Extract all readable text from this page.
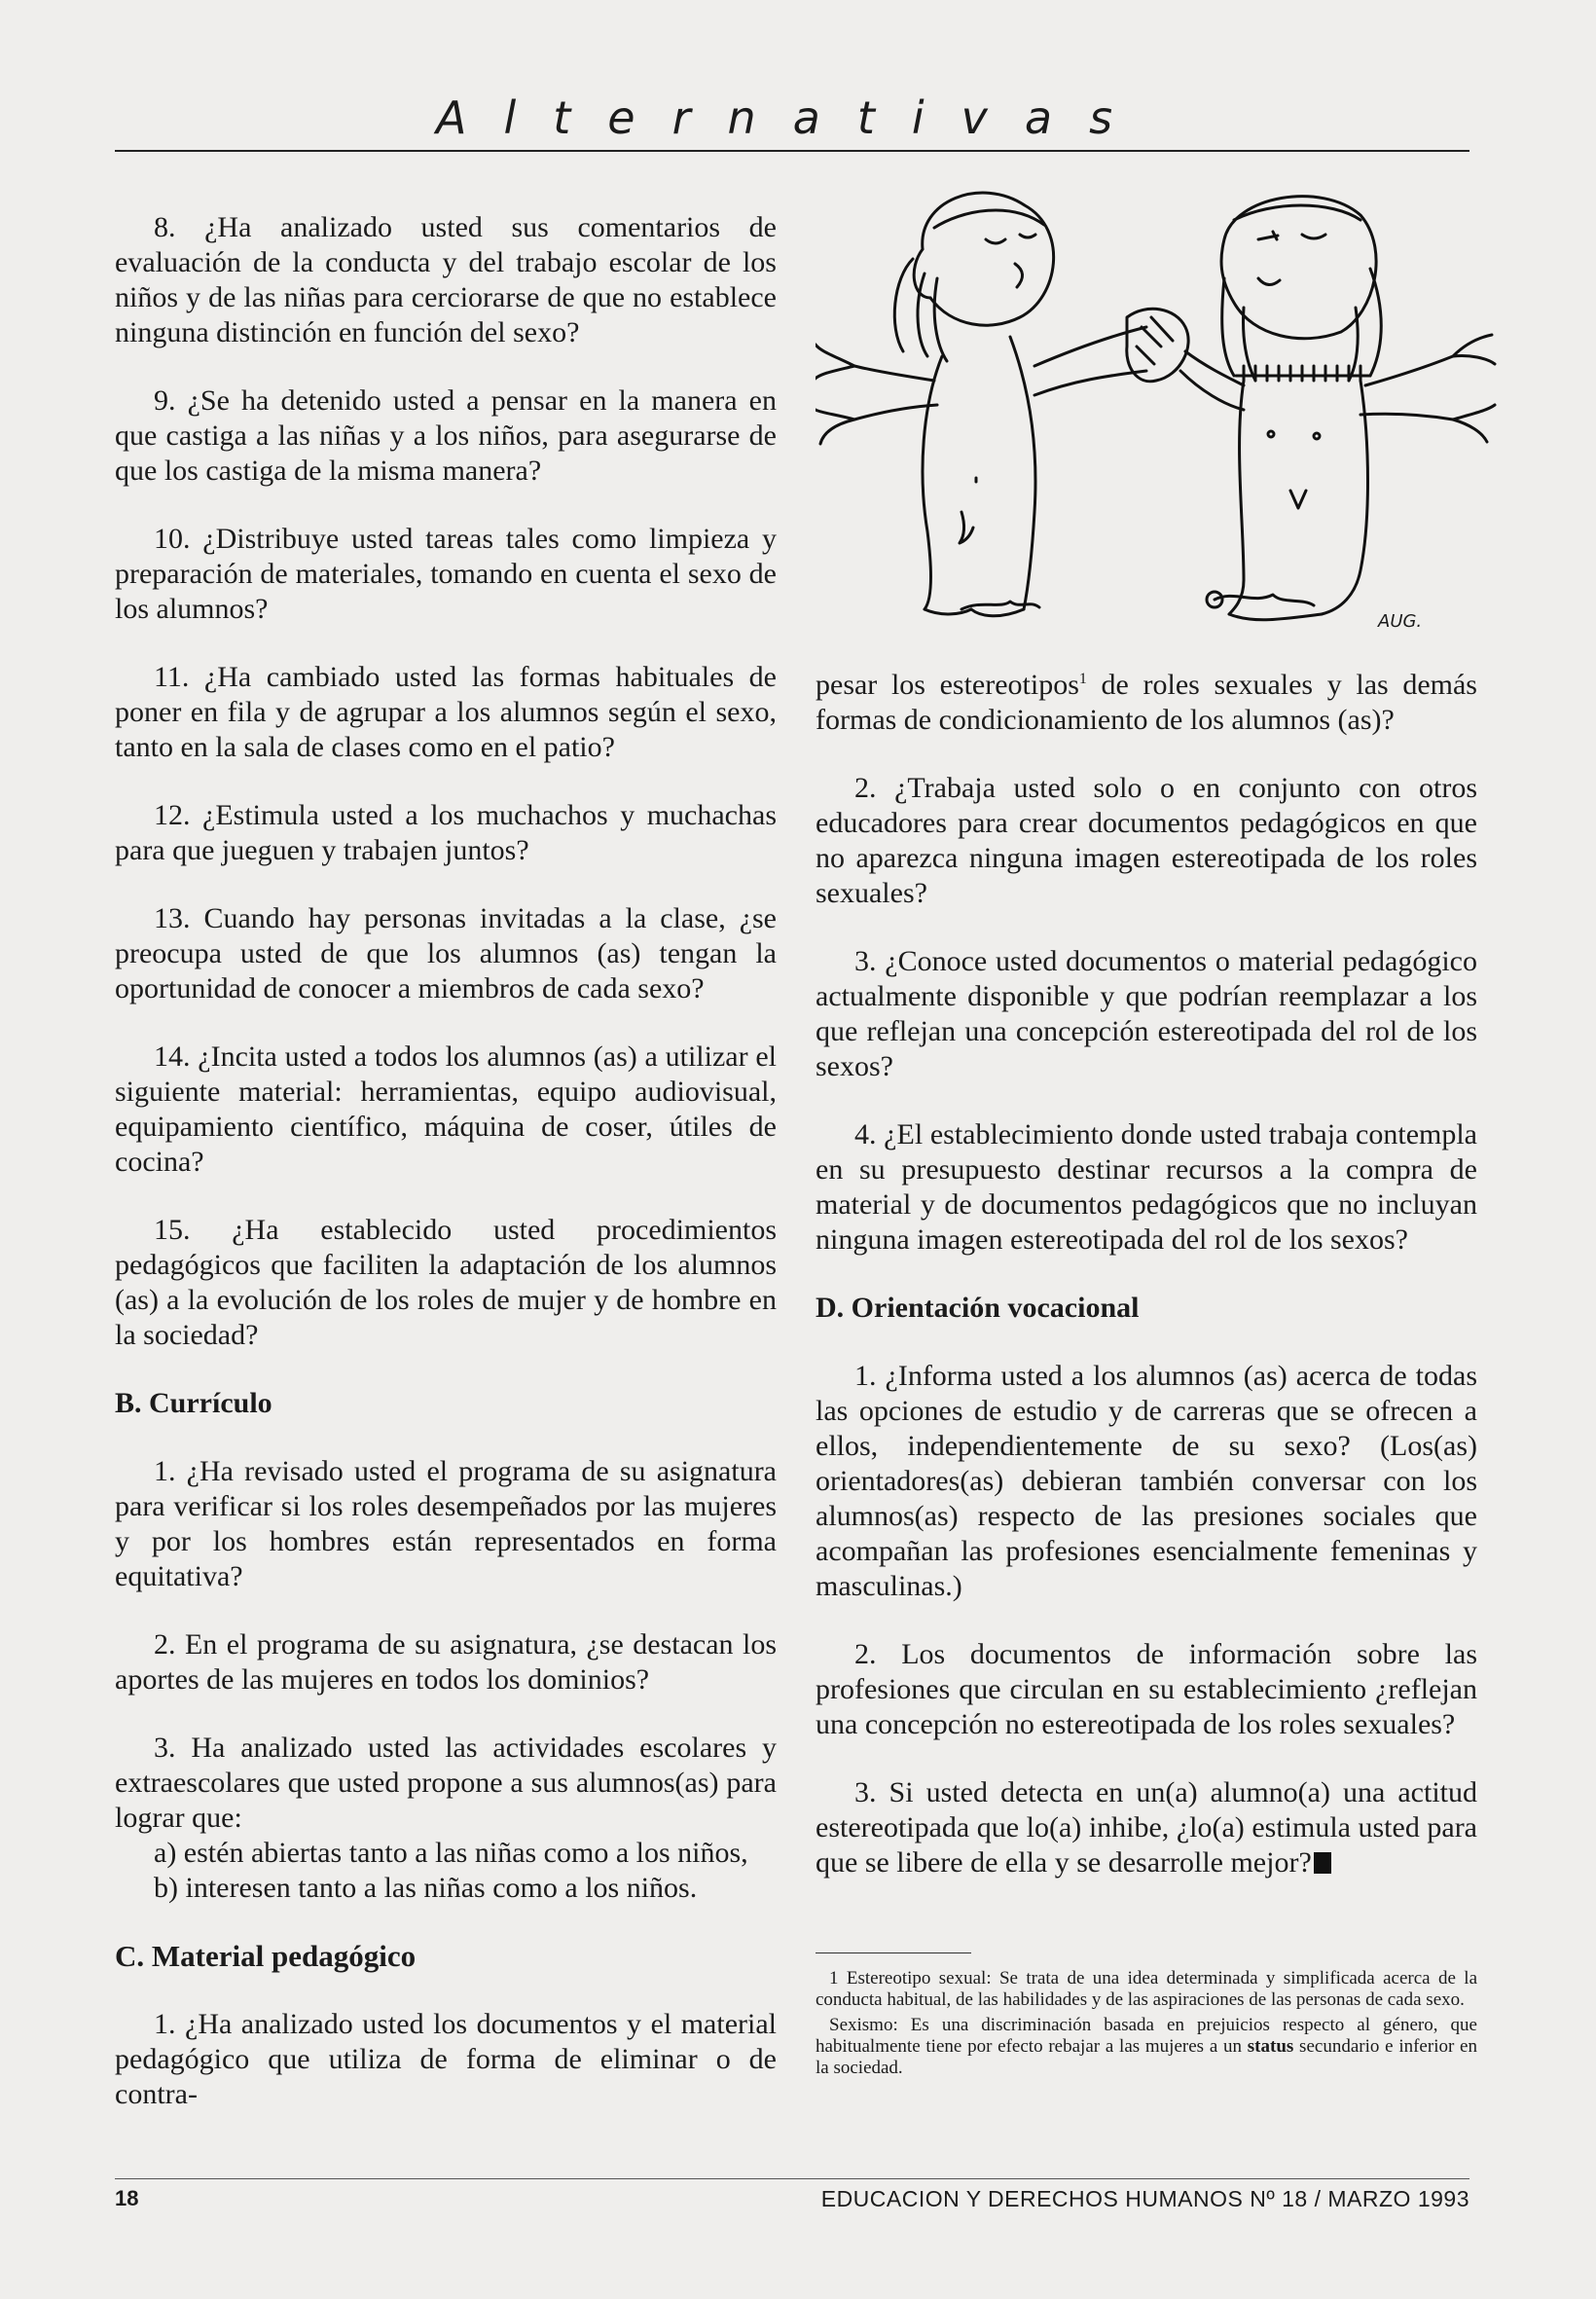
Alternativas

8. ¿Ha analizado usted sus comentarios de evaluación de la conducta y del trabajo escolar de los niños y de las niñas para cerciorarse de que no establece ninguna distinción en función del sexo?

9. ¿Se ha detenido usted a pensar en la manera en que castiga a las niñas y a los niños, para asegurarse de que los castiga de la misma manera?

10. ¿Distribuye usted tareas tales como limpieza y preparación de materiales, tomando en cuenta el sexo de los alumnos?

11. ¿Ha cambiado usted las formas habituales de poner en fila y de agrupar a los alumnos según el sexo, tanto en la sala de clases como en el patio?

12. ¿Estimula usted a los muchachos y muchachas para que jueguen y trabajen juntos?

13. Cuando hay personas invitadas a la clase, ¿se preocupa usted de que los alumnos (as) tengan la oportunidad de conocer a miembros de cada sexo?

14. ¿Incita usted a todos los alumnos (as) a utilizar el siguiente material: herramientas, equipo audiovisual, equipamiento científico, máquina de coser, útiles de cocina?

15. ¿Ha establecido usted procedimientos pedagógicos que faciliten la adaptación de los alumnos (as) a la evolución de los roles de mujer y de hombre en la sociedad?

B. Currículo

1. ¿Ha revisado usted el programa de su asignatura para verificar si los roles desempeñados por las mujeres y por los hombres están representados en forma equitativa?

2. En el programa de su asignatura, ¿se destacan los aportes de las mujeres en todos los dominios?

3. Ha analizado usted las actividades escolares y extraescolares que usted propone a sus alumnos(as) para lograr que:

a) estén abiertas tanto a las niñas como a los niños,
b) interesen tanto a las niñas como a los niños.

C. Material pedagógico

1. ¿Ha analizado usted los documentos y el material pedagógico que utiliza de forma de eliminar o de contra-

AUG.

pesar los estereotipos$^1$ de roles sexuales y las demás formas de condicionamiento de los alumnos (as)?

2. ¿Trabaja usted solo o en conjunto con otros educadores para crear documentos pedagógicos en que no aparezca ninguna imagen estereotipada de los roles sexuales?

3. ¿Conoce usted documentos o material pedagógico actualmente disponible y que podrían reemplazar a los que reflejan una concepción estereotipada del rol de los sexos?

4. ¿El establecimiento donde usted trabaja contempla en su presupuesto destinar recursos a la compra de material y de documentos pedagógicos que no incluyan ninguna imagen estereotipada del rol de los sexos?

D. Orientación vocacional

1. ¿Informa usted a los alumnos (as) acerca de todas las opciones de estudio y de carreras que se ofrecen a ellos, independientemente de su sexo? (Los(as) orientadores(as) debieran también conversar con los alumnos(as) respecto de las presiones sociales que acompañan las profesiones esencialmente femeninas y masculinas.)

2. Los documentos de información sobre las profesiones que circulan en su establecimiento ¿reflejan una concepción no estereotipada de los roles sexuales?

3. Si usted detecta en un(a) alumno(a) una actitud estereotipada que lo(a) inhibe, ¿lo(a) estimula usted para que se libere de ella y se desarrolle mejor?

1 Estereotipo sexual: Se trata de una idea determinada y simplificada acerca de la conducta habitual, de las habilidades y de las aspiraciones de las personas de cada sexo.

Sexismo: Es una discriminación basada en prejuicios respecto al género, que habitualmente tiene por efecto rebajar a las mujeres a un status secundario e inferior en la sociedad.

18	EDUCACION Y DERECHOS HUMANOS Nº 18 / MARZO 1993
